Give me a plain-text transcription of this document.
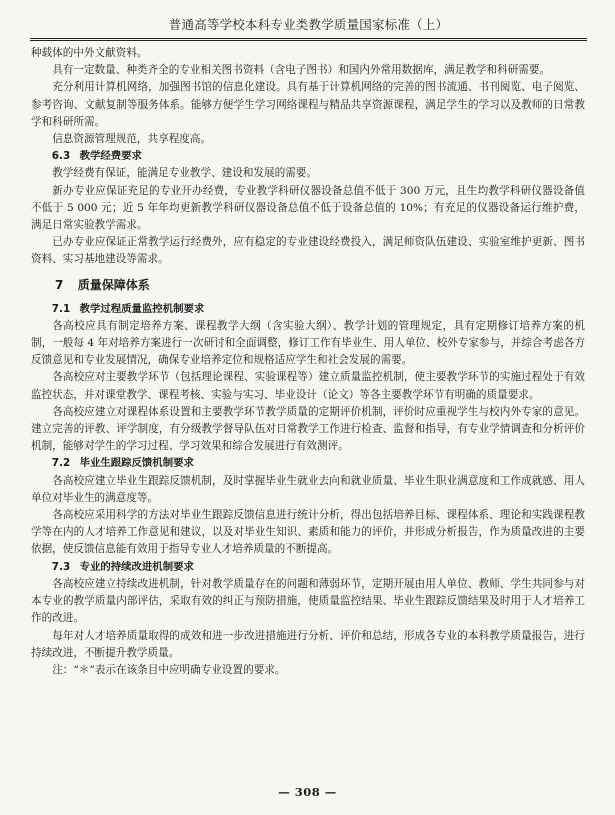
普通高等学校本科专业类教学质量国家标准（上）

种载体的中外文献资料。

具有一定数量、种类齐全的专业相关图书资料（含电子图书）和国内外常用数据库，满足教学和科研需要。

充分利用计算机网络，加强图书馆的信息化建设。具有基于计算机网络的完善的图书流通、书刊阅览、电子阅览、参考咨询、文献复制等服务体系。能够方便学生学习网络课程与精品共享资源课程，满足学生的学习以及教师的日常教学和科研所需。

信息资源管理规范，共享程度高。

6.3 教学经费要求

教学经费有保证，能满足专业教学、建设和发展的需要。

新办专业应保证充足的专业开办经费，专业教学科研仪器设备总值不低于 300 万元，且生均教学科研仪器设备值不低于 5 000 元；近 5 年年均更新教学科研仪器设备总值不低于设备总值的 10%；有充足的仪器设备运行维护费，满足日常实验教学需求。

已办专业应保证正常教学运行经费外，应有稳定的专业建设经费投入，满足师资队伍建设、实验室维护更新、图书资料、实习基地建设等需求。

7 质量保障体系

7.1 教学过程质量监控机制要求

各高校应具有制定培养方案、课程教学大纲（含实验大纲）、教学计划的管理规定，具有定期修订培养方案的机制，一般每 4 年对培养方案进行一次研讨和全面调整，修订工作有毕业生、用人单位、校外专家参与，并综合考虑各方反馈意见和专业发展情况，确保专业培养定位和规格适应学生和社会发展的需要。

各高校应对主要教学环节（包括理论课程、实验课程等）建立质量监控机制，使主要教学环节的实施过程处于有效监控状态，并对课堂教学、课程考核、实验与实习、毕业设计（论文）等各主要教学环节有明确的质量要求。

各高校应建立对课程体系设置和主要教学环节教学质量的定期评价机制，评价时应重视学生与校内外专家的意见。建立完善的评教、评学制度，有分级教学督导队伍对日常教学工作进行检查、监督和指导，有专业学情调查和分析评价机制，能够对学生的学习过程、学习效果和综合发展进行有效测评。

7.2 毕业生跟踪反馈机制要求

各高校应建立毕业生跟踪反馈机制，及时掌握毕业生就业去向和就业质量、毕业生职业满意度和工作成就感、用人单位对毕业生的满意度等。

各高校应采用科学的方法对毕业生跟踪反馈信息进行统计分析，得出包括培养目标、课程体系、理论和实践课程教学等在内的人才培养工作意见和建议，以及对毕业生知识、素质和能力的评价，并形成分析报告，作为质量改进的主要依据，使反馈信息能有效用于指导专业人才培养质量的不断提高。

7.3 专业的持续改进机制要求

各高校应建立持续改进机制，针对教学质量存在的问题和薄弱环节，定期开展由用人单位、教师、学生共同参与对本专业的教学质量内部评估，采取有效的纠正与预防措施，使质量监控结果、毕业生跟踪反馈结果及时用于人才培养工作的改进。

每年对人才培养质量取得的成效和进一步改进措施进行分析、评价和总结，形成各专业的本科教学质量报告，进行持续改进，不断提升教学质量。

注：“＊”表示在该条目中应明确专业设置的要求。

— 308 —
